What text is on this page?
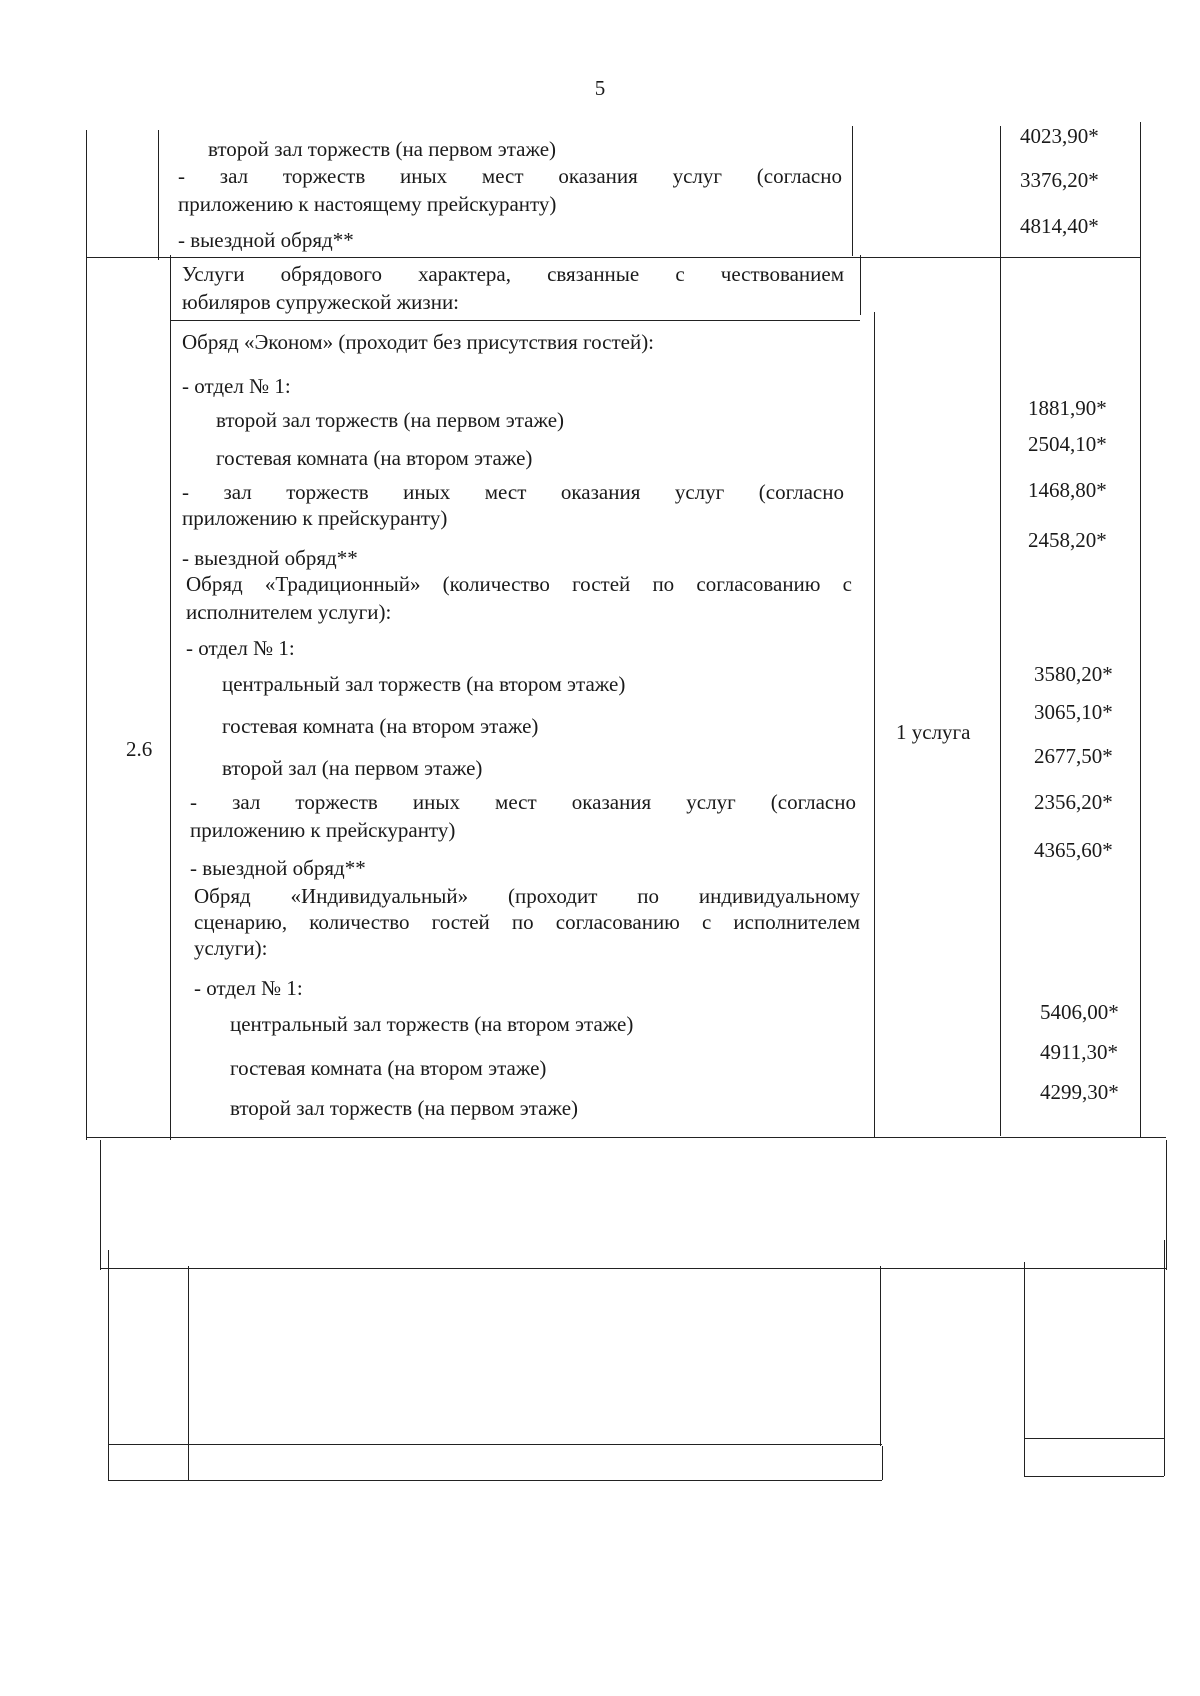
5
второй зал торжеств (на первом этаже)
- зал торжеств иных мест оказания услуг (согласно
приложению к настоящему прейскуранту)
- выездной обряд**
4023,90*
3376,20*
4814,40*
2.6
1 услуга
Услуги обрядового характера, связанные с чествованием
юбиляров супружеской жизни:
Обряд «Эконом» (проходит без присутствия гостей):
- отдел № 1:
второй зал торжеств (на первом этаже)
гостевая комната (на втором этаже)
- зал торжеств иных мест оказания услуг (согласно
приложению к прейскуранту)
- выездной обряд**
Обряд «Традиционный» (количество гостей по согласованию с
исполнителем услуги):
- отдел № 1:
центральный зал торжеств (на втором этаже)
гостевая комната (на втором этаже)
второй зал (на первом этаже)
- зал торжеств иных мест оказания услуг (согласно
приложению к прейскуранту)
- выездной обряд**
Обряд «Индивидуальный» (проходит по индивидуальному
сценарию, количество гостей по согласованию с исполнителем
услуги):
- отдел № 1:
центральный зал торжеств (на втором этаже)
гостевая комната (на втором этаже)
второй зал торжеств (на первом этаже)
1881,90*
2504,10*
1468,80*
2458,20*
3580,20*
3065,10*
2677,50*
2356,20*
4365,60*
5406,00*
4911,30*
4299,30*
